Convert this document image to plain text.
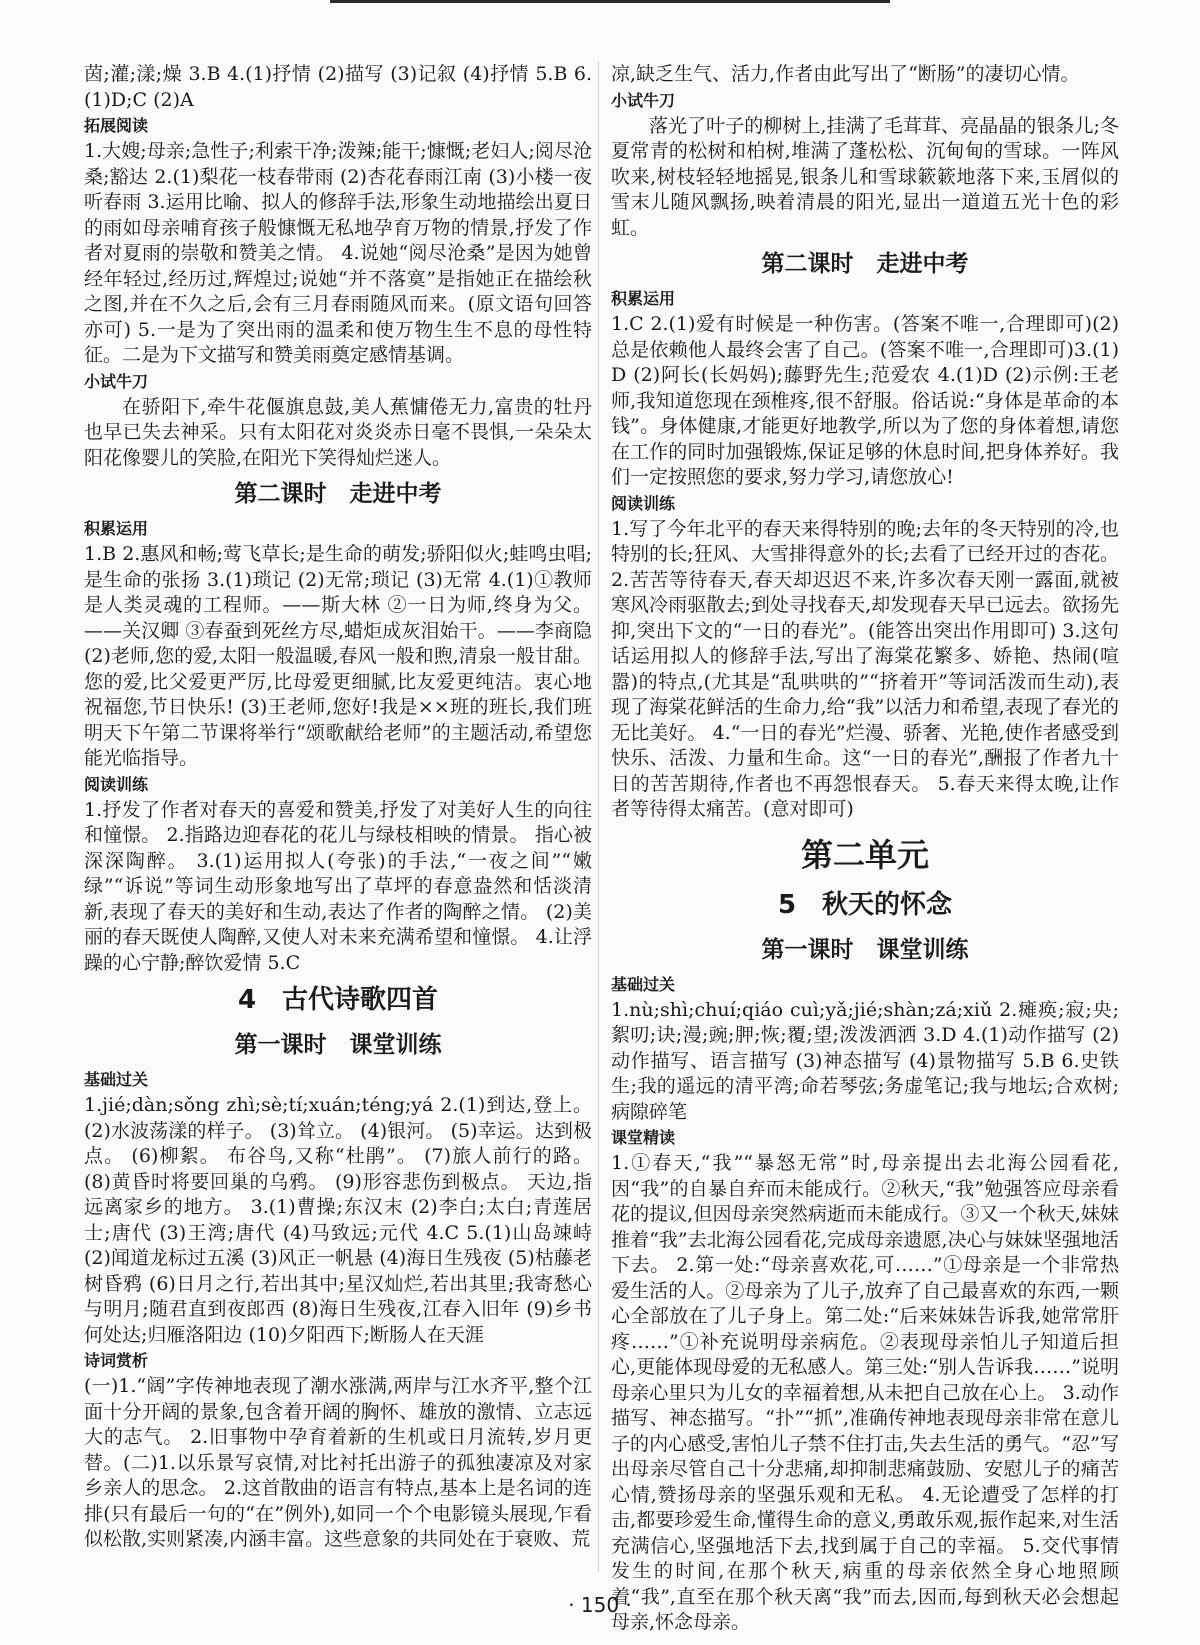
茵;灌;漾;燥 3.B 4.(1)抒情 (2)描写 (3)记叙 (4)抒情 5.B 6.(1)D;C (2)A

拓展阅读

1.大嫂;母亲;急性子;利索干净;泼辣;能干;慷慨;老妇人;阅尽沧桑;豁达 2.(1)梨花一枝春带雨 (2)杏花春雨江南 (3)小楼一夜听春雨 3.运用比喻、拟人的修辞手法,形象生动地描绘出夏日的雨如母亲哺育孩子般慷慨无私地孕育万物的情景,抒发了作者对夏雨的崇敬和赞美之情。 4.说她“阅尽沧桑”是因为她曾经年轻过,经历过,辉煌过;说她“并不落寞”是指她正在描绘秋之图,并在不久之后,会有三月春雨随风而来。(原文语句回答亦可) 5.一是为了突出雨的温柔和使万物生生不息的母性特征。二是为下文描写和赞美雨奠定感情基调。

小试牛刀

在骄阳下,牵牛花偃旗息鼓,美人蕉慵倦无力,富贵的牡丹也早已失去神采。只有太阳花对炎炎赤日毫不畏惧,一朵朵太阳花像婴儿的笑脸,在阳光下笑得灿烂迷人。

第二课时　走进中考
积累运用

1.B 2.惠风和畅;莺飞草长;是生命的萌发;骄阳似火;蛙鸣虫唱;是生命的张扬 3.(1)琐记 (2)无常;琐记 (3)无常 4.(1)①教师是人类灵魂的工程师。——斯大林 ②一日为师,终身为父。——关汉卿 ③春蚕到死丝方尽,蜡炬成灰泪始干。——李商隐 (2)老师,您的爱,太阳一般温暖,春风一般和煦,清泉一般甘甜。您的爱,比父爱更严厉,比母爱更细腻,比友爱更纯洁。衷心地祝福您,节日快乐! (3)王老师,您好!我是××班的班长,我们班明天下午第二节课将举行“颂歌献给老师”的主题活动,希望您能光临指导。

阅读训练

1.抒发了作者对春天的喜爱和赞美,抒发了对美好人生的向往和憧憬。 2.指路边迎春花的花儿与绿枝相映的情景。 指心被深深陶醉。 3.(1)运用拟人(夸张)的手法,“一夜之间”“嫩绿”“诉说”等词生动形象地写出了草坪的春意盎然和恬淡清新,表现了春天的美好和生动,表达了作者的陶醉之情。 (2)美丽的春天既使人陶醉,又使人对未来充满希望和憧憬。 4.让浮躁的心宁静;醉饮爱情 5.C

4　古代诗歌四首
第一课时　课堂训练
基础过关

1.jié;dàn;sǒng zhì;sè;tí;xuán;téng;yá 2.(1)到达,登上。(2)水波荡漾的样子。 (3)耸立。 (4)银河。 (5)幸运。达到极点。 (6)柳絮。 布谷鸟,又称“杜鹃”。 (7)旅人前行的路。 (8)黄昏时将要回巢的乌鸦。 (9)形容悲伤到极点。 天边,指远离家乡的地方。 3.(1)曹操;东汉末 (2)李白;太白;青莲居士;唐代 (3)王湾;唐代 (4)马致远;元代 4.C 5.(1)山岛竦峙 (2)闻道龙标过五溪 (3)风正一帆悬 (4)海日生残夜 (5)枯藤老树昏鸦 (6)日月之行,若出其中;星汉灿烂,若出其里;我寄愁心与明月;随君直到夜郎西 (8)海日生残夜,江春入旧年 (9)乡书何处达;归雁洛阳边 (10)夕阳西下;断肠人在天涯

诗词赏析

(一)1.“阔”字传神地表现了潮水涨满,两岸与江水齐平,整个江面十分开阔的景象,包含着开阔的胸怀、雄放的激情、立志远大的志气。 2.旧事物中孕育着新的生机或日月流转,岁月更替。(二)1.以乐景写哀情,对比衬托出游子的孤独凄凉及对家乡亲人的思念。 2.这首散曲的语言有特点,基本上是名词的连排(只有最后一句的“在”例外),如同一个个电影镜头展现,乍看似松散,实则紧凑,内涵丰富。这些意象的共同处在于衰败、荒

凉,缺乏生气、活力,作者由此写出了“断肠”的凄切心情。

小试牛刀

落光了叶子的柳树上,挂满了毛茸茸、亮晶晶的银条儿;冬夏常青的松树和柏树,堆满了蓬松松、沉甸甸的雪球。一阵风吹来,树枝轻轻地摇晃,银条儿和雪球簌簌地落下来,玉屑似的雪末儿随风飘扬,映着清晨的阳光,显出一道道五光十色的彩虹。

第二课时　走进中考
积累运用

1.C 2.(1)爱有时候是一种伤害。(答案不唯一,合理即可)(2)总是依赖他人最终会害了自己。(答案不唯一,合理即可)3.(1)D (2)阿长(长妈妈);藤野先生;范爱农 4.(1)D (2)示例:王老师,我知道您现在颈椎疼,很不舒服。俗话说:“身体是革命的本钱”。身体健康,才能更好地教学,所以为了您的身体着想,请您在工作的同时加强锻炼,保证足够的休息时间,把身体养好。我们一定按照您的要求,努力学习,请您放心!

阅读训练

1.写了今年北平的春天来得特别的晚;去年的冬天特别的冷,也特别的长;狂风、大雪排得意外的长;去看了已经开过的杏花。 2.苦苦等待春天,春天却迟迟不来,许多次春天刚一露面,就被寒风冷雨驱散去;到处寻找春天,却发现春天早已远去。欲扬先抑,突出下文的“一日的春光”。(能答出突出作用即可) 3.这句话运用拟人的修辞手法,写出了海棠花繁多、娇艳、热闹(喧嚣)的特点,(尤其是“乱哄哄的”“挤着开”等词活泼而生动),表现了海棠花鲜活的生命力,给“我”以活力和希望,表现了春光的无比美好。 4.“一日的春光”烂漫、骄奢、光艳,使作者感受到快乐、活泼、力量和生命。这“一日的春光”,酬报了作者九十日的苦苦期待,作者也不再怨恨春天。 5.春天来得太晚,让作者等待得太痛苦。(意对即可)

第二单元
5　秋天的怀念
第一课时　课堂训练
基础过关

1.nù;shì;chuí;qiáo cuì;yǎ;jié;shàn;zá;xiǔ 2.瘫痪;寂;央;絮叨;诀;漫;豌;胛;恢;覆;望;泼泼洒洒 3.D 4.(1)动作描写 (2)动作描写、语言描写 (3)神态描写 (4)景物描写 5.B 6.史铁生;我的遥远的清平湾;命若琴弦;务虚笔记;我与地坛;合欢树;病隙碎笔

课堂精读

1.①春天,“我”“暴怒无常”时,母亲提出去北海公园看花,因“我”的自暴自弃而未能成行。②秋天,“我”勉强答应母亲看花的提议,但因母亲突然病逝而未能成行。③又一个秋天,妹妹推着“我”去北海公园看花,完成母亲遗愿,决心与妹妹坚强地活下去。 2.第一处:“母亲喜欢花,可……”①母亲是一个非常热爱生活的人。②母亲为了儿子,放弃了自己最喜欢的东西,一颗心全部放在了儿子身上。第二处:“后来妹妹告诉我,她常常肝疼……”①补充说明母亲病危。②表现母亲怕儿子知道后担心,更能体现母爱的无私感人。第三处:“别人告诉我……”说明母亲心里只为儿女的幸福着想,从未把自己放在心上。 3.动作描写、神态描写。“扑”“抓”,准确传神地表现母亲非常在意儿子的内心感受,害怕儿子禁不住打击,失去生活的勇气。“忍”写出母亲尽管自己十分悲痛,却抑制悲痛鼓励、安慰儿子的痛苦心情,赞扬母亲的坚强乐观和无私。 4.无论遭受了怎样的打击,都要珍爱生命,懂得生命的意义,勇敢乐观,振作起来,对生活充满信心,坚强地活下去,找到属于自己的幸福。 5.交代事情发生的时间,在那个秋天,病重的母亲依然全身心地照顾着“我”,直至在那个秋天离“我”而去,因而,每到秋天必会想起母亲,怀念母亲。

· 150 ·
